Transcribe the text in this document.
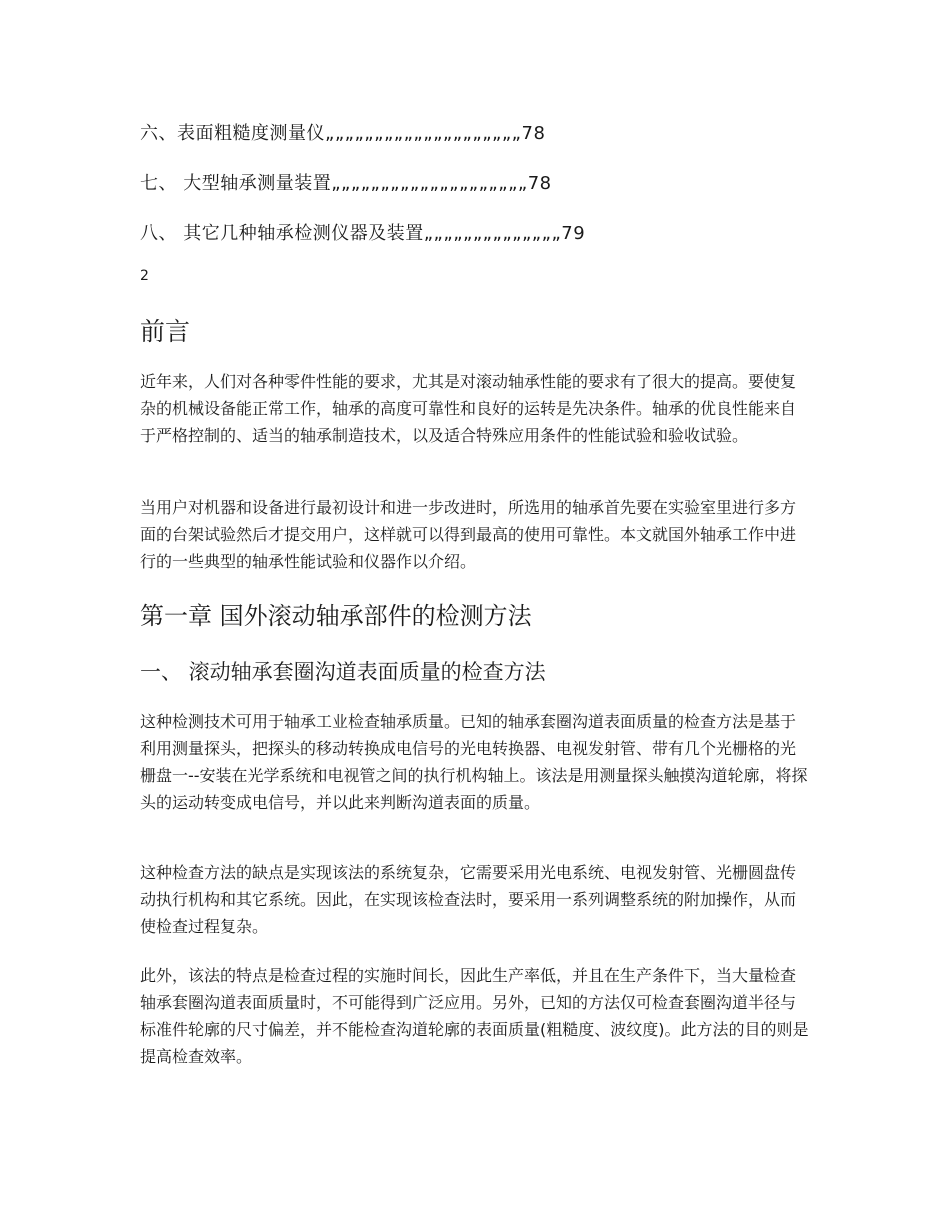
六、表面粗糙度测量仪„„„„„„„„„„„„„„„„„„„„78
七、 大型轴承测量装置„„„„„„„„„„„„„„„„„„„„78
八、 其它几种轴承检测仪器及装置„„„„„„„„„„„„„„79
2
前言

近年来，人们对各种零件性能的要求，尤其是对滚动轴承性能的要求有了很大的提高。要使复杂的机械设备能正常工作，轴承的高度可靠性和良好的运转是先决条件。轴承的优良性能来自于严格控制的、适当的轴承制造技术，以及适合特殊应用条件的性能试验和验收试验。

当用户对机器和设备进行最初设计和进一步改进时，所选用的轴承首先要在实验室里进行多方面的台架试验然后才提交用户，这样就可以得到最高的使用可靠性。本文就国外轴承工作中进行的一些典型的轴承性能试验和仪器作以介绍。

第一章 国外滚动轴承部件的检测方法
一、 滚动轴承套圈沟道表面质量的检查方法

这种检测技术可用于轴承工业检查轴承质量。已知的轴承套圈沟道表面质量的检查方法是基于利用测量探头，把探头的移动转换成电信号的光电转换器、电视发射管、带有几个光栅格的光栅盘一--安装在光学系统和电视管之间的执行机构轴上。该法是用测量探头触摸沟道轮廓，将探头的运动转变成电信号，并以此来判断沟道表面的质量。

这种检查方法的缺点是实现该法的系统复杂，它需要采用光电系统、电视发射管、光栅圆盘传动执行机构和其它系统。因此，在实现该检查法时，要采用一系列调整系统的附加操作，从而使检查过程复杂。

此外，该法的特点是检查过程的实施时间长，因此生产率低，并且在生产条件下，当大量检查轴承套圈沟道表面质量时，不可能得到广泛应用。另外，已知的方法仅可检查套圈沟道半径与标准件轮廓的尺寸偏差，并不能检查沟道轮廓的表面质量(粗糙度、波纹度)。此方法的目的则是提高检查效率。
